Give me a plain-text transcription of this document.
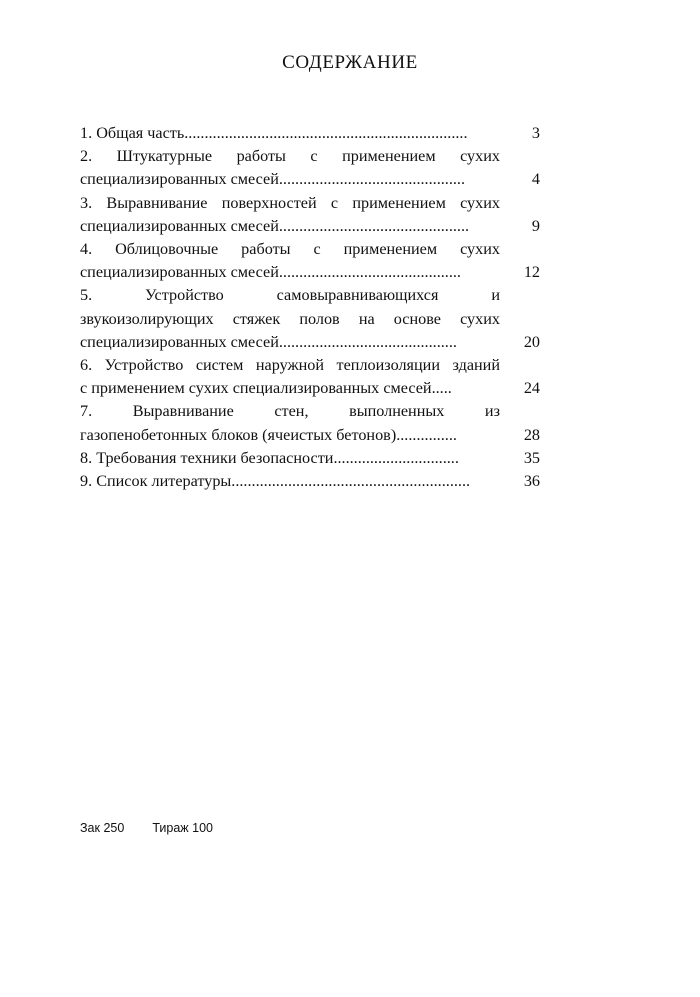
СОДЕРЖАНИЕ
1. Общая часть......................................................................	3
2. Штукатурные работы с применением сухих
специализированных смесей..............................................	4
3. Выравнивание поверхностей с применением сухих
специализированных смесей...............................................	9
4. Облицовочные работы с применением сухих
специализированных смесей.............................................	12
5. Устройство самовыравнивающихся и
звукоизолирующих стяжек полов на основе сухих
специализированных смесей............................................	20
6. Устройство систем наружной теплоизоляции зданий
с применением сухих специализированных смесей.....	24
7. Выравнивание стен, выполненных из
газопенобетонных блоков (ячеистых бетонов)...............	28
8. Требования техники безопасности...............................	35
9. Список литературы...........................................................	36
Зак 250 Тираж 100
